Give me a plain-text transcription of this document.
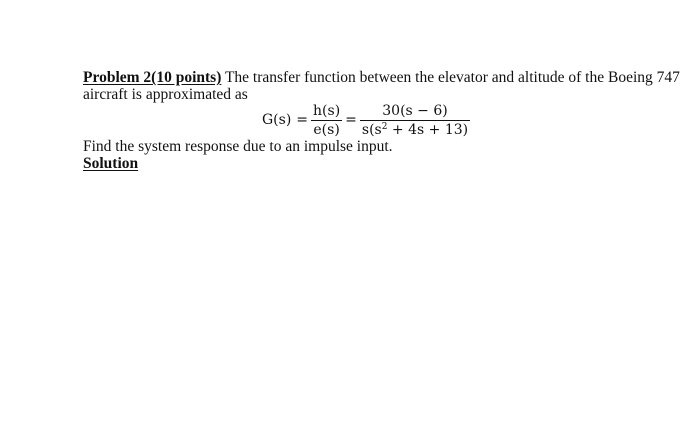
Problem 2(10 points) The transfer function between the elevator and altitude of the Boeing 747
aircraft is approximated as
$G(s) = \frac{h(s)}{e(s)} = \frac{30(s - 6)}{s(s^2 + 4s + 13)}$
Find the system response due to an impulse input.
Solution
